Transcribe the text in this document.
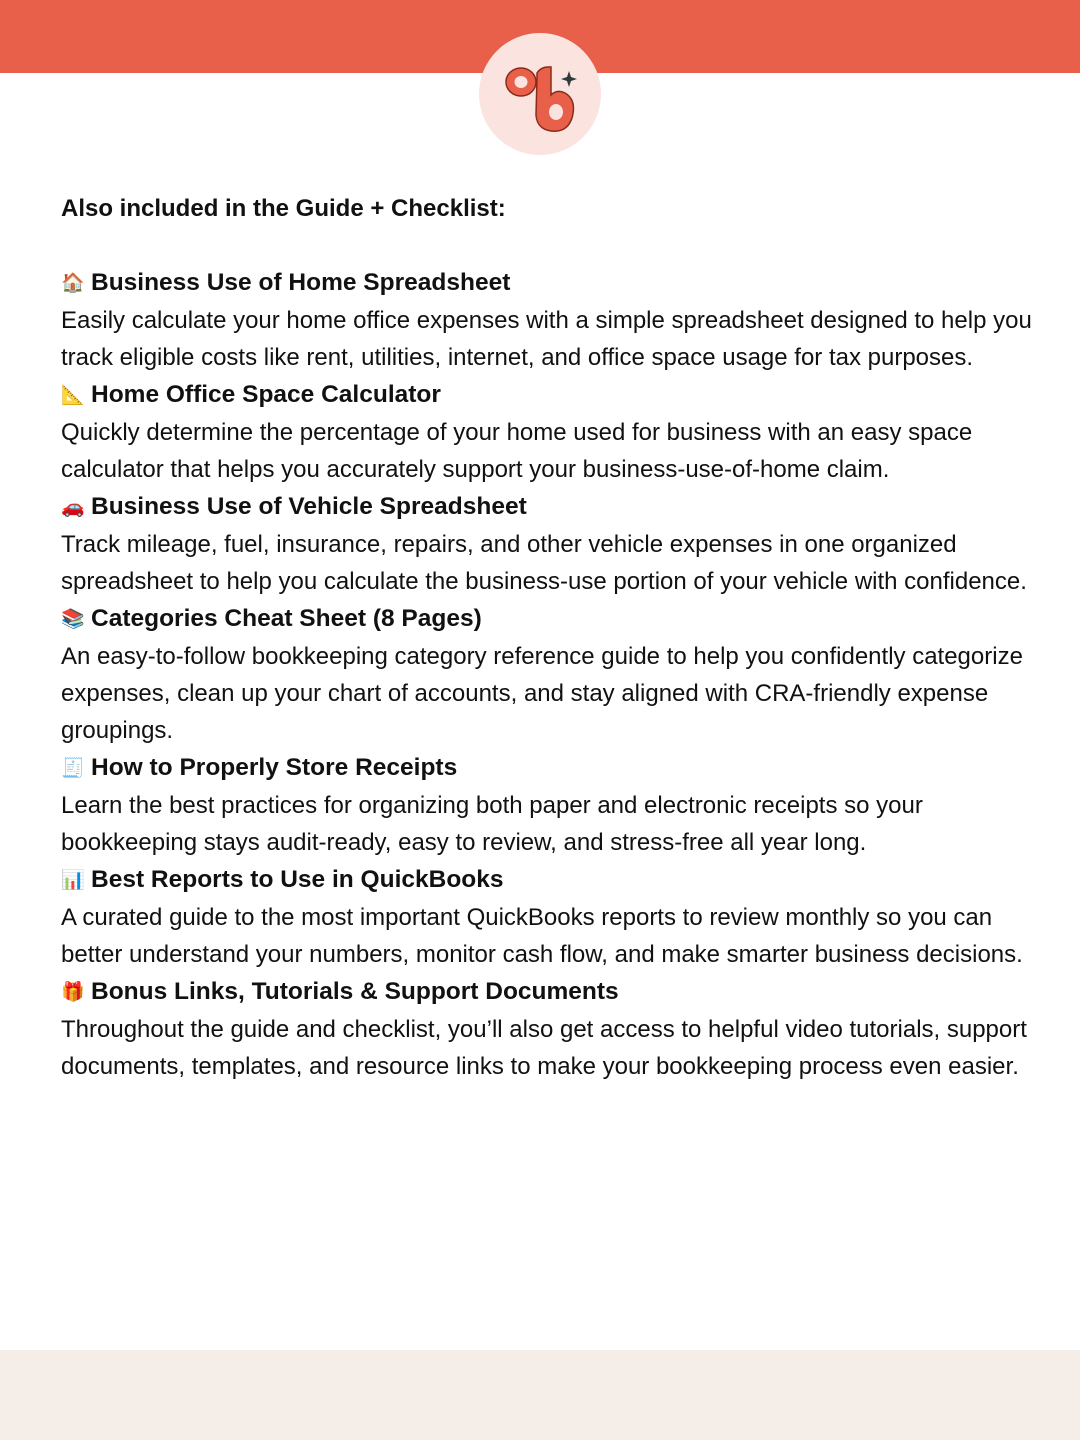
Also included in the Guide + Checklist:

🏠 Business Use of Home Spreadsheet

Easily calculate your home office expenses with a simple spreadsheet designed to help you track eligible costs like rent, utilities, internet, and office space usage for tax purposes.

📐 Home Office Space Calculator

Quickly determine the percentage of your home used for business with an easy space calculator that helps you accurately support your business-use-of-home claim.

🚗 Business Use of Vehicle Spreadsheet

Track mileage, fuel, insurance, repairs, and other vehicle expenses in one organized spreadsheet to help you calculate the business-use portion of your vehicle with confidence.

📚 Categories Cheat Sheet (8 Pages)

An easy-to-follow bookkeeping category reference guide to help you confidently categorize expenses, clean up your chart of accounts, and stay aligned with CRA-friendly expense groupings.

🧾 How to Properly Store Receipts

Learn the best practices for organizing both paper and electronic receipts so your bookkeeping stays audit-ready, easy to review, and stress-free all year long.

📊 Best Reports to Use in QuickBooks

A curated guide to the most important QuickBooks reports to review monthly so you can better understand your numbers, monitor cash flow, and make smarter business decisions.

🎁 Bonus Links, Tutorials & Support Documents

Throughout the guide and checklist, you’ll also get access to helpful video tutorials, support documents, templates, and resource links to make your bookkeeping process even easier.
